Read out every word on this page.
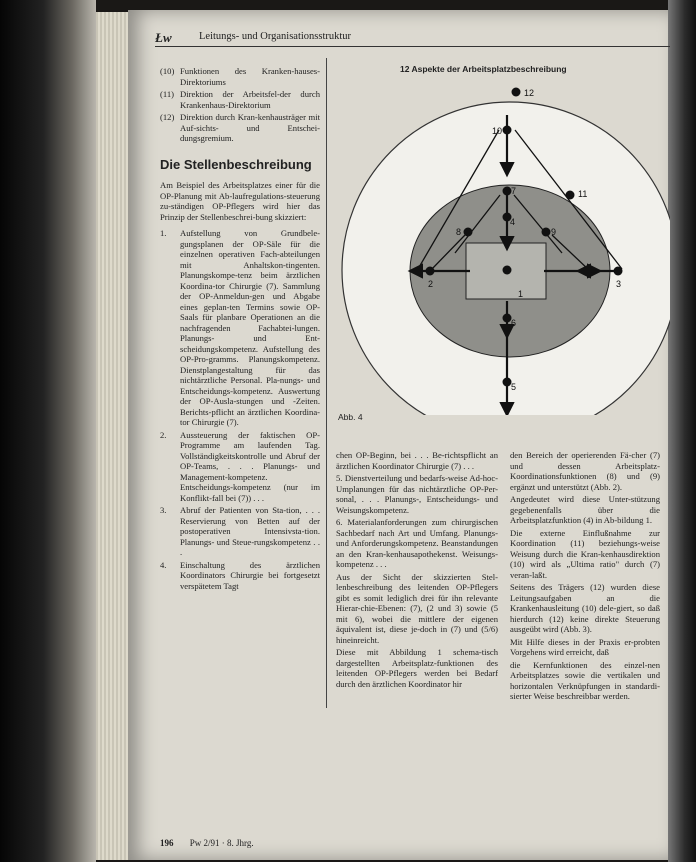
Łw	Leitungs- und Organisationsstruktur
(10) Funktionen des Kranken-hauses-Direktoriums

(11) Direktion der Arbeitsfel-der durch Krankenhaus-Direktorium

(12) Direktion durch Kran-kenhausträger mit Auf-sichts- und Entschei-dungsgremium.

Die Stellenbeschreibung

Am Beispiel des Arbeitsplatzes einer für die OP-Planung mit Ab-laufregulations-steuerung zu-ständigen OP-Pflegers wird hier das Prinzip der Stellenbeschrei-bung skizziert:

1.	Aufstellung von Grundbele-gungsplanen der OP-Säle für die einzelnen operativen Fach-abteilungen mit Anhaltskon-tingenten. Planungskompe-tenz beim ärztlichen Koordina-tor Chirurgie (7). Sammlung der OP-Anmeldun-gen und Abgabe eines geplan-ten Termins sowie OP-Saals für planbare Operationen an die nachfragenden Fachabtei-lungen. Planungs- und Ent-scheidungskompetenz. Aufstellung des OP-Pro-gramms. Planungskompetenz. Dienstplangestaltung für das nichtärztliche Personal. Pla-nungs- und Entscheidungs-kompetenz. Auswertung der OP-Ausla-stungen und -Zeiten. Berichts-pflicht an ärztlichen Koordina-tor Chirurgie (7).

2.	Aussteuerung der faktischen OP-Programme am laufenden Tag. Vollständigkeitskontrolle und Abruf der OP-Teams, . . . Planungs- und Management-kompetenz. Entscheidungs-kompetenz (nur im Konflikt-fall bei (7)) . . .

3.	Abruf der Patienten von Sta-tion, . . . Reservierung von Betten auf der postoperativen Intensivsta-tion. Planungs- und Steue-rungskompetenz . . .

4.	Einschaltung des ärztlichen Koordinators Chirurgie bei fortgesetzt verspätetem Tagt

12 Aspekte der Arbeitsplatzbeschreibung
1
2	3
4
5
6
7
8	9
10
11
12
Abb. 4

chen OP-Beginn, bei . . . Be-richtspflicht an ärztlichen Koordinator Chirurgie (7) . . .

5. Dienstverteilung und bedarfs-weise Ad-hoc-Umplanungen für das nichtärztliche OP-Per-sonal, . . . Planungs-, Entscheidungs- und Weisungskompetenz.

6. Materialanforderungen zum chirurgischen Sachbedarf nach Art und Umfang. Planungs- und Anforderungskompetenz. Beanstandungen an den Kran-kenhausapothekenst. Weisungs-kompetenz . . .

Aus der Sicht der skizzierten Stel-lenbeschreibung des leitenden OP-Pflegers gibt es somit lediglich drei für ihn relevante Hierar-chie-Ebenen: (7), (2 und 3) sowie (5 mit 6), wobei die mittlere der eigenen äquivalent ist, diese je-doch in (7) und (5/6) hineinreicht.

Diese mit Abbildung 1 schema-tisch dargestellten Arbeitsplatz-funktionen des leitenden OP-Pflegers werden bei Bedarf durch den ärztlichen Koordinator hir

den Bereich der operierenden Fä-cher (7) und dessen Arbeitsplatz-Koordinationsfunktionen (8) und (9) ergänzt und unterstützt (Abb. 2).

Angedeutet wird diese Unter-stützung gegebenenfalls über die Arbeitsplatzfunktion (4) in Ab-bildung 1.

Die externe Einflußnahme zur Koordination (11) beziehungs-weise Weisung durch die Kran-kenhausdirektion (10) wird als „Ultima ratio" durch (7) veran-laßt.

Seitens des Trägers (12) wurden diese Leitungsaufgaben an die Krankenhausleitung (10) dele-giert, so daß hierdurch (12) keine direkte Steuerung ausgeübt wird (Abb. 3).

Mit Hilfe dieses in der Praxis er-probten Vorgehens wird erreicht, daß

die Kernfunktionen des einzel-nen Arbeitsplatzes sowie die vertikalen und horizontalen Verknüpfungen in standardi-sierter Weise beschreibbar werden.

196 Pw 2/91 · 8. Jhrg.
